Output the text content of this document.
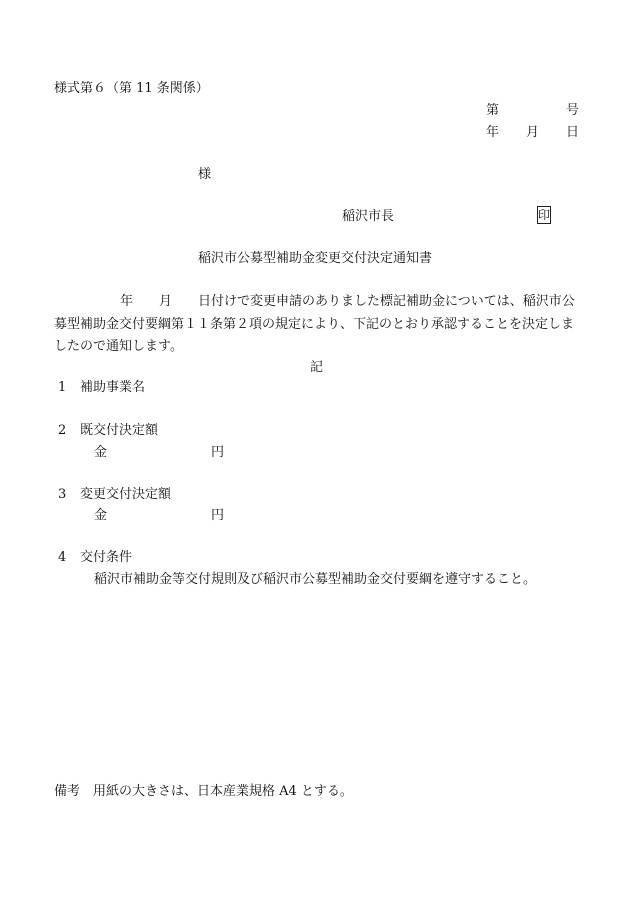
様式第６（第 11 条関係）
第	号
年 月 日
様
稲沢市長	印
稲沢市公募型補助金変更交付決定通知書
年 月 日付けで変更申請のありました標記補助金については、稲沢市公
募型補助金交付要綱第１１条第２項の規定により、下記のとおり承認することを決定しま
したので通知します。
記
1 補助事業名
2 既交付決定額
金	円
3 変更交付決定額
金	円
4 交付条件
稲沢市補助金等交付規則及び稲沢市公募型補助金交付要綱を遵守すること。
備考 用紙の大きさは、日本産業規格 A4 とする。
